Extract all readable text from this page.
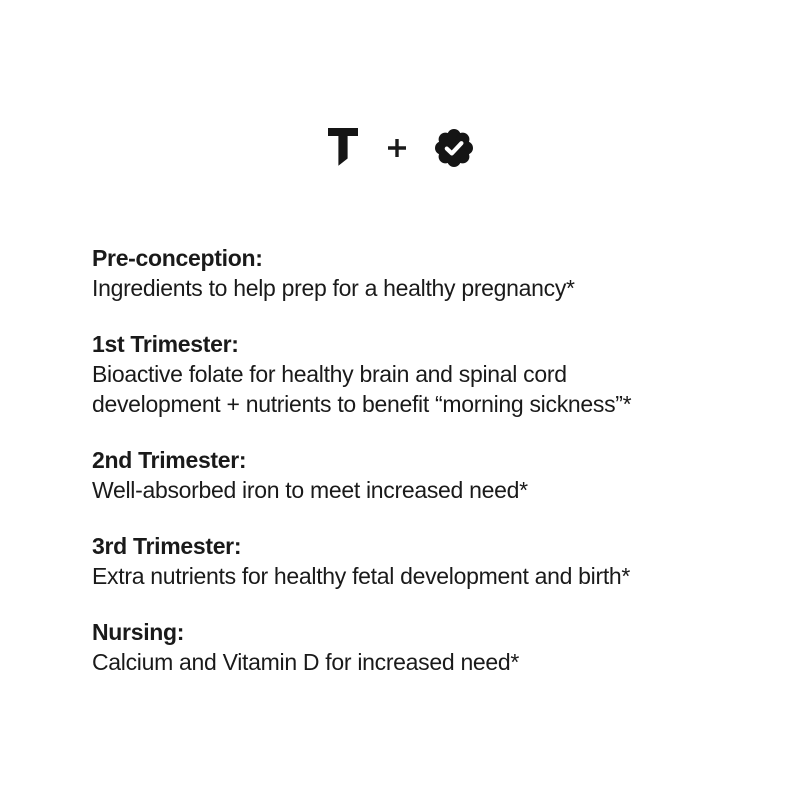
Pre-conception:
Ingredients to help prep for a healthy pregnancy*
1st Trimester:
Bioactive folate for healthy brain and spinal cord
development + nutrients to benefit “morning sickness”*
2nd Trimester:
Well-absorbed iron to meet increased need*
3rd Trimester:
Extra nutrients for healthy fetal development and birth*
Nursing:
Calcium and Vitamin D for increased need*
